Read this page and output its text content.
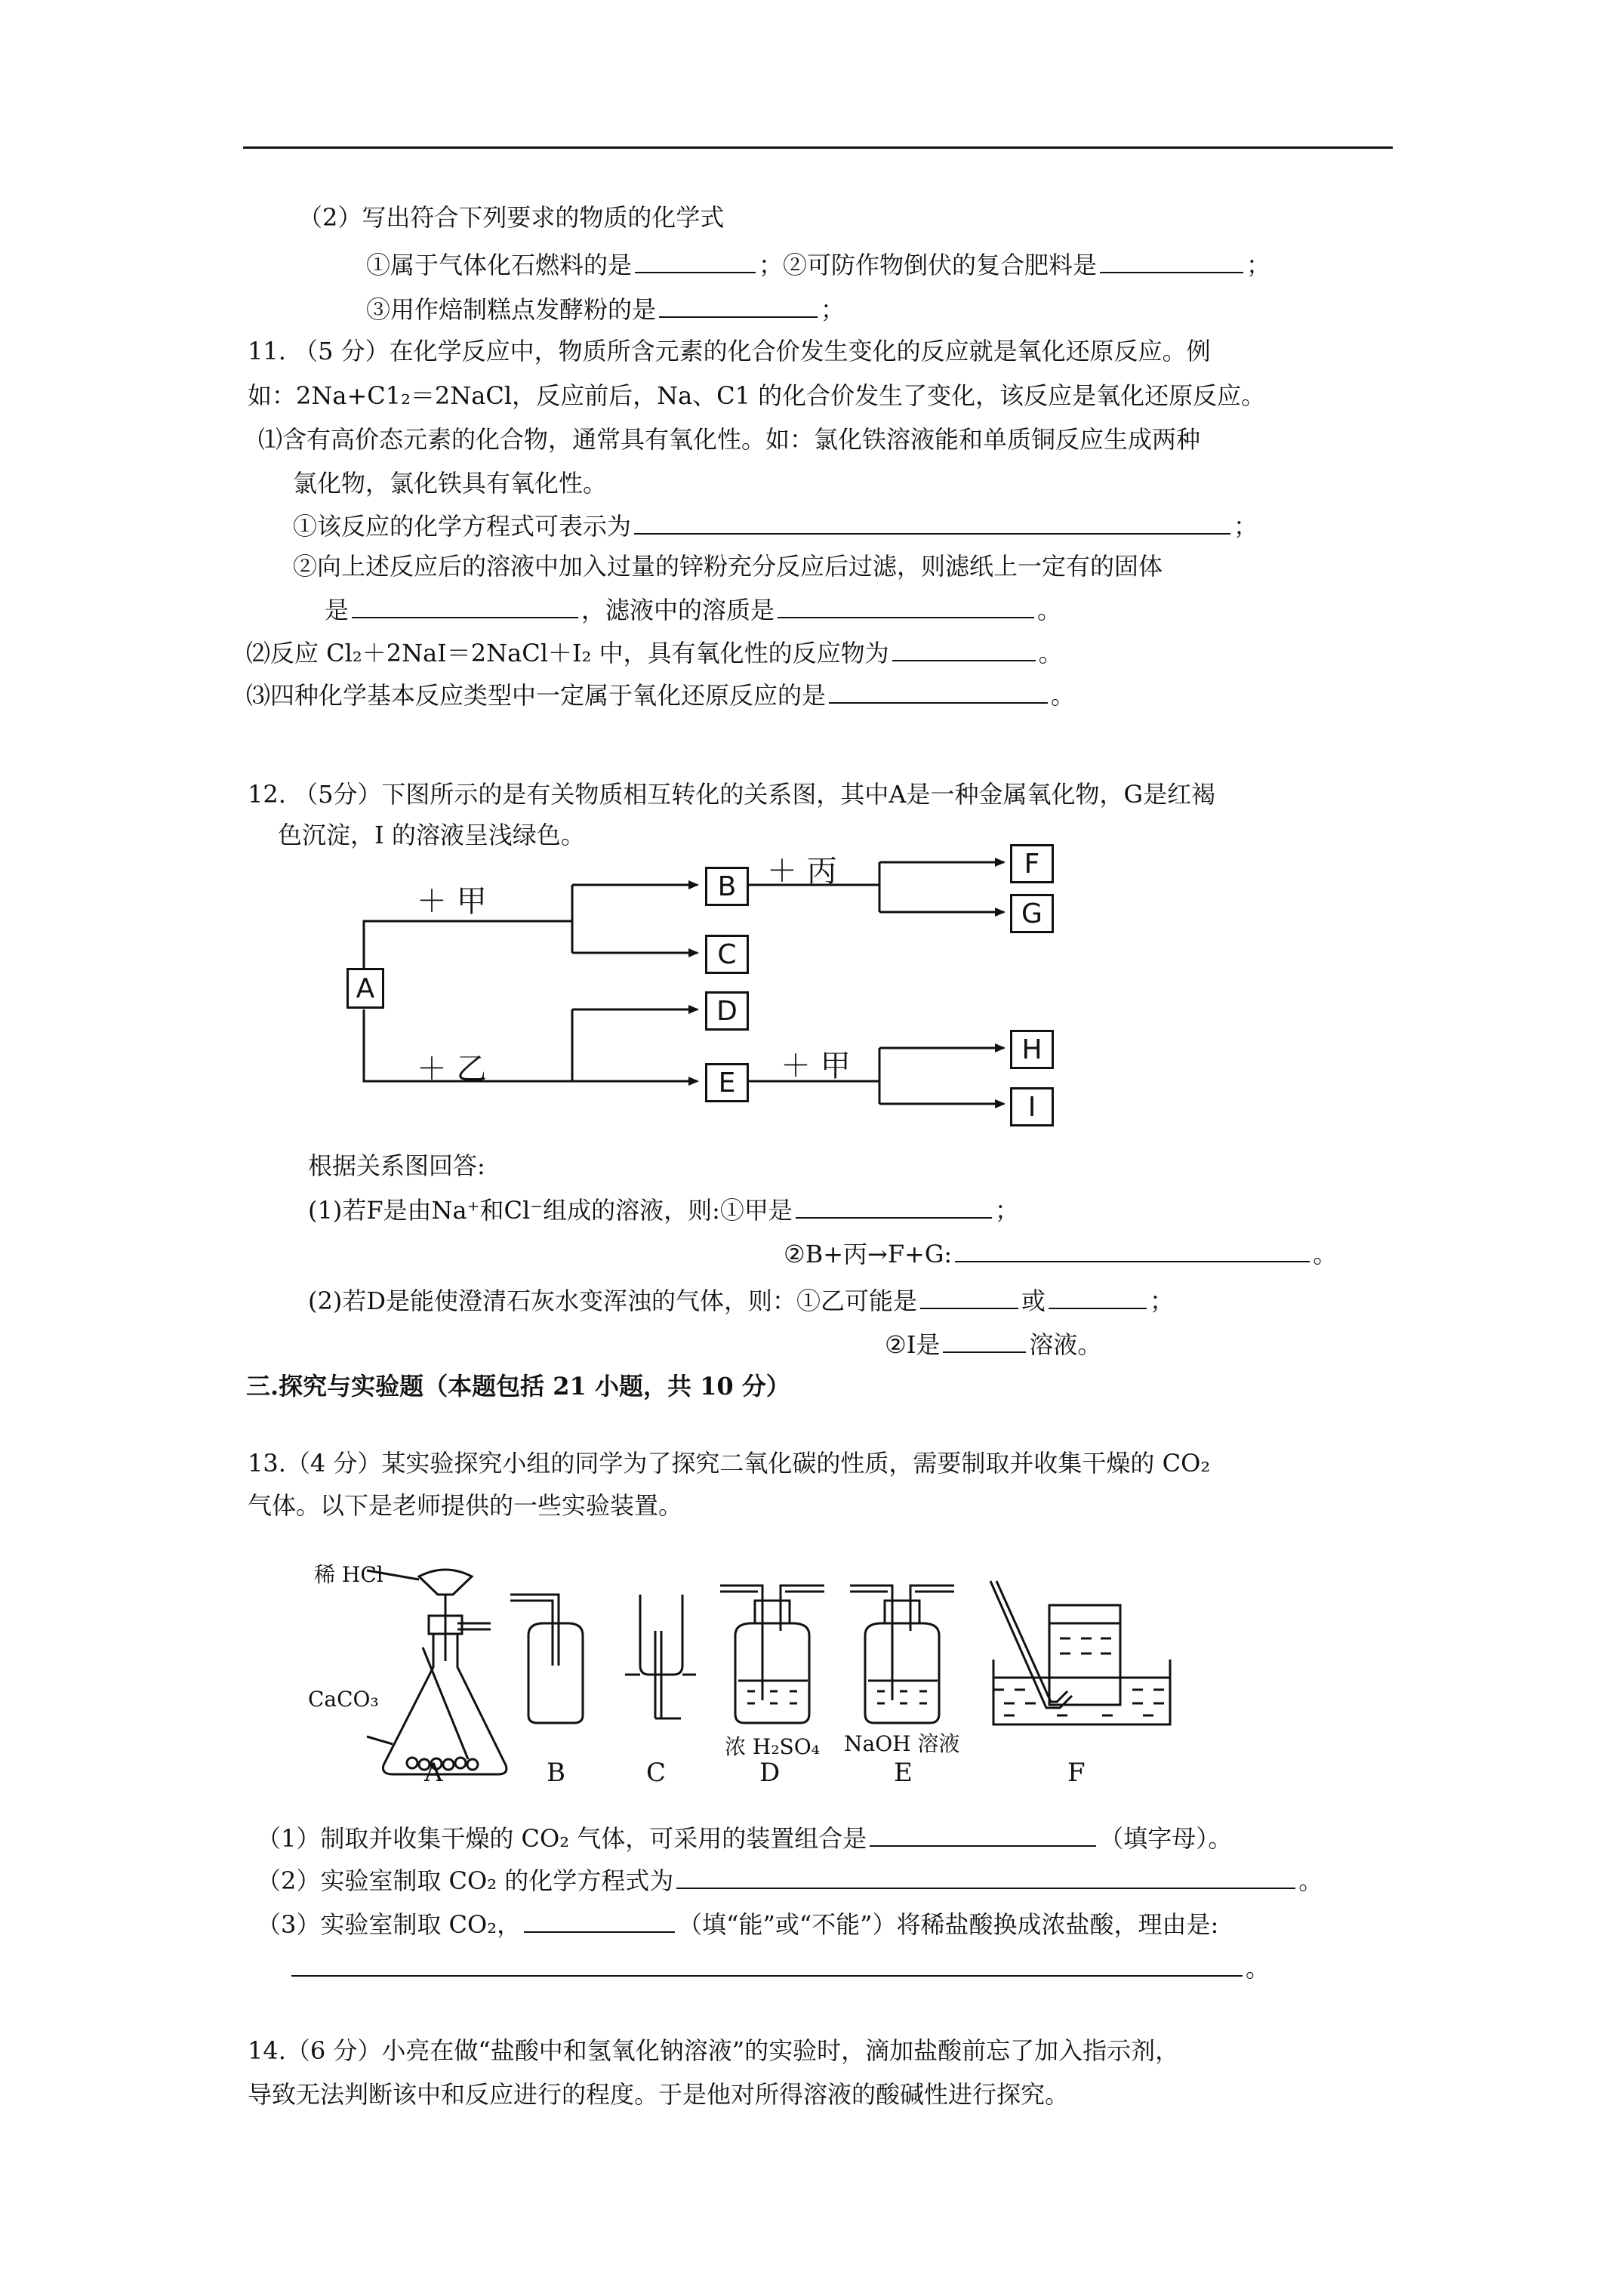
（2）写出符合下列要求的物质的化学式
①属于气体化石燃料的是	；②可防作物倒伏的复合肥料是	；
③用作焙制糕点发酵粉的是	；
11. （5 分）在化学反应中，物质所含元素的化合价发生变化的反应就是氧化还原反应。例
如：2Na+C1₂＝2NaCl，反应前后，Na、C1 的化合价发生了变化，该反应是氧化还原反应。
⑴含有高价态元素的化合物，通常具有氧化性。如：氯化铁溶液能和单质铜反应生成两种
氯化物，氯化铁具有氧化性。
①该反应的化学方程式可表示为	；
②向上述反应后的溶液中加入过量的锌粉充分反应后过滤，则滤纸上一定有的固体
是	，滤液中的溶质是	。
⑵反应 Cl₂＋2NaI＝2NaCl＋I₂ 中，具有氧化性的反应物为	。
⑶四种化学基本反应类型中一定属于氧化还原反应的是	。
12. （5分）下图所示的是有关物质相互转化的关系图，其中A是一种金属氧化物，G是红褐
色沉淀，I 的溶液呈浅绿色。
A
B
C
D
E
F
G
H
I
＋ 甲
＋ 乙
＋ 丙
＋ 甲
根据关系图回答:
(1)若F是由Na⁺和Cl⁻组成的溶液，则:①甲是	；
②B+丙→F+G:	。
(2)若D是能使澄清石灰水变浑浊的气体，则：①乙可能是	或	；
②I是	溶液。
三.探究与实验题（本题包括 21 小题，共 10 分）
13.（4 分）某实验探究小组的同学为了探究二氧化碳的性质，需要制取并收集干燥的 CO₂
气体。以下是老师提供的一些实验装置。
稀 HCl
CaCO₃
浓 H₂SO₄ NaOH 溶液
A	B	C	D	E	F
（1）制取并收集干燥的 CO₂ 气体，可采用的装置组合是	（填字母）。
（2）实验室制取 CO₂ 的化学方程式为	。
（3）实验室制取 CO₂，	（填“能”或“不能”）将稀盐酸换成浓盐酸，理由是:
。
14.（6 分）小亮在做“盐酸中和氢氧化钠溶液”的实验时，滴加盐酸前忘了加入指示剂，
导致无法判断该中和反应进行的程度。于是他对所得溶液的酸碱性进行探究。
